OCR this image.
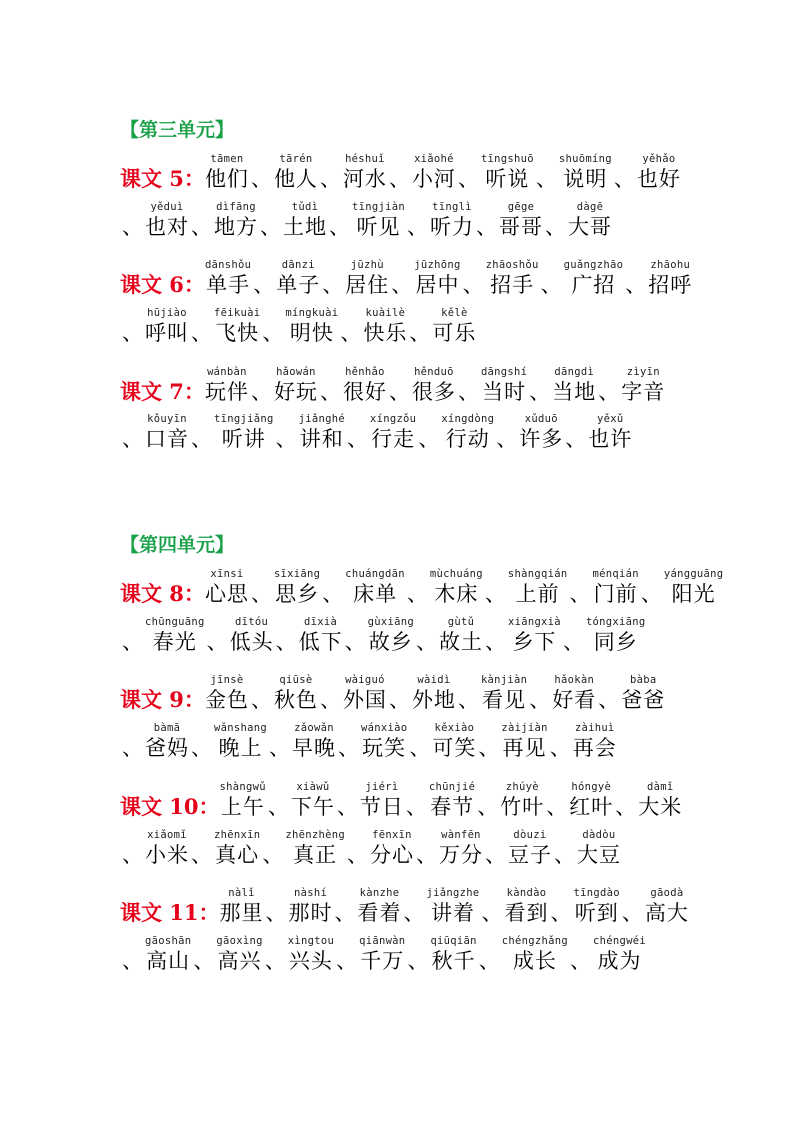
【第三单元】
课文 5：
tāmen
他们 、
tārén
他人 、
héshuǐ
河水 、
xiǎohé
小河 、
tīngshuō
听说 、
shuōmíng
说明 、
yěhǎo
也好
、
yěduì
也对 、
dìfāng
地方 、
tǔdì
土地 、
tīngjiàn
听见 、
tīnglì
听力 、
gēge
哥哥 、
dàgē
大哥
课文 6：
dānshǒu
单手 、
dānzi
单子 、
jūzhù
居住 、
jūzhōng
居中 、
zhāoshǒu
招手 、
guǎngzhāo
广招 、
zhāohu
招呼
、
hūjiào
呼叫 、
fēikuài
飞快 、
míngkuài
明快 、
kuàilè
快乐 、
kělè
可乐
课文 7：
wánbàn
玩伴 、
hǎowán
好玩 、
hěnhǎo
很好 、
hěnduō
很多 、
dāngshí
当时 、
dāngdì
当地 、
zìyīn
字音
、
kǒuyīn
口音 、
tīngjiǎng
听讲 、
jiǎnghé
讲和 、
xíngzǒu
行走 、
xíngdòng
行动 、
xǔduō
许多 、
yěxǔ
也许
【第四单元】
课文 8：
xīnsi
心思 、
sīxiāng
思乡 、
chuángdān
床单 、
mùchuáng
木床 、
shàngqián
上前 、
ménqián
门前 、
yángguāng
阳光
、
chūnguāng
春光 、
dītóu
低头 、
dīxià
低下 、
gùxiāng
故乡 、
gùtǔ
故土 、
xiāngxià
乡下 、
tóngxiāng
同乡
课文 9：
jīnsè
金色 、
qiūsè
秋色 、
wàiguó
外国 、
wàidì
外地 、
kànjiàn
看见 、
hǎokàn
好看 、
bàba
爸爸
、
bàmā
爸妈 、
wǎnshang
晚上 、
zǎowǎn
早晚 、
wánxiào
玩笑 、
kěxiào
可笑 、
zàijiàn
再见 、
zàihuì
再会
课文 10：
shàngwǔ
上午 、
xiàwǔ
下午 、
jiérì
节日 、
chūnjié
春节 、
zhúyè
竹叶 、
hóngyè
红叶 、
dàmǐ
大米
、
xiǎomǐ
小米 、
zhēnxīn
真心 、
zhēnzhèng
真正 、
fēnxīn
分心 、
wànfēn
万分 、
dòuzi
豆子 、
dàdòu
大豆
课文 11：
nàlǐ
那里 、
nàshí
那时 、
kànzhe
看着 、
jiǎngzhe
讲着 、
kàndào
看到 、
tīngdào
听到 、
gāodà
高大
、
gāoshān
高山 、
gāoxìng
高兴 、
xìngtou
兴头 、
qiānwàn
千万 、
qiūqiān
秋千 、
chéngzhǎng
成长 、
chéngwéi
成为
